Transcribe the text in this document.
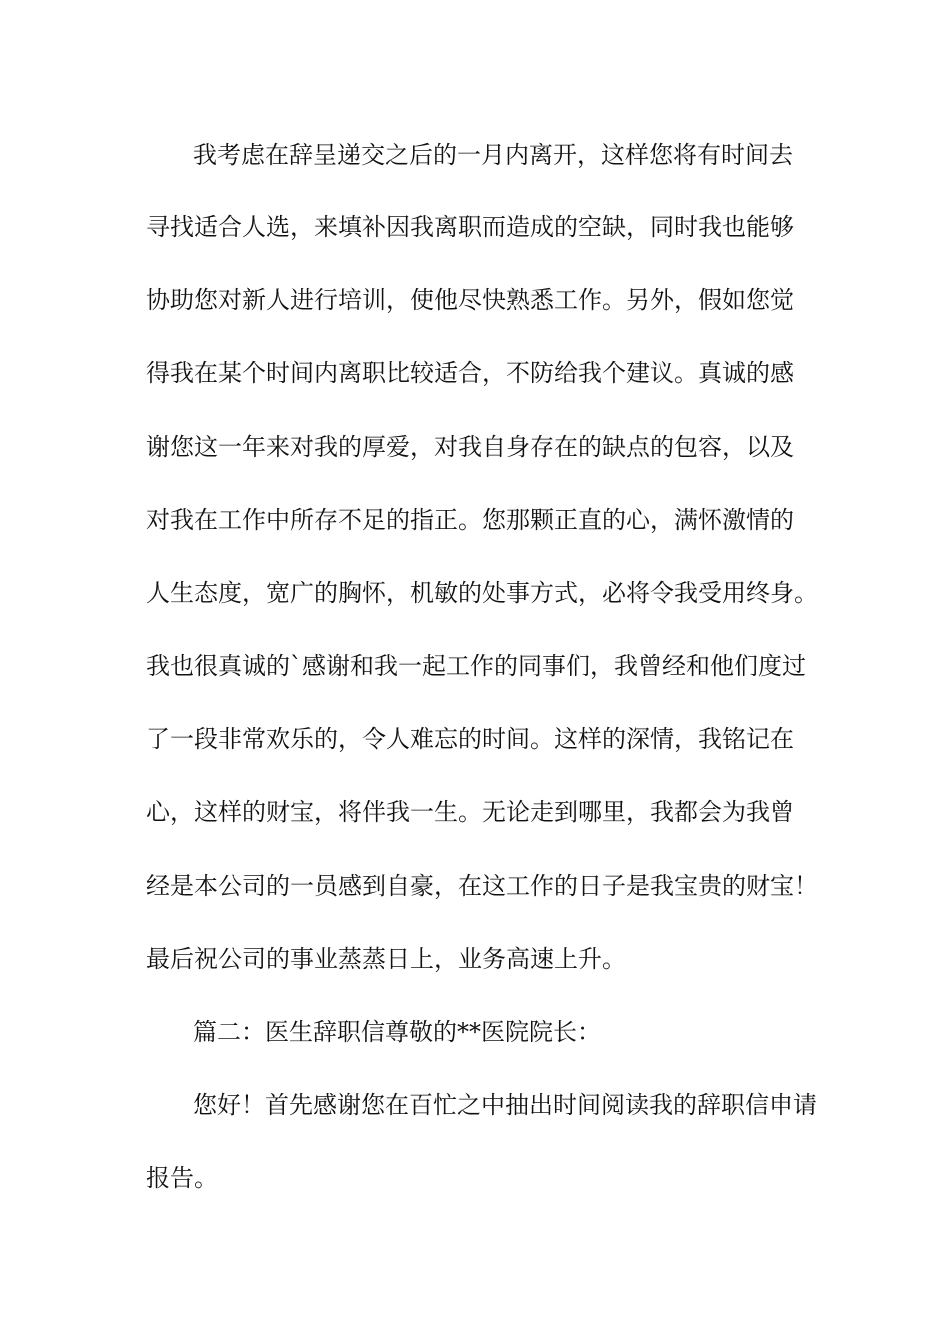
我考虑在辞呈递交之后的一月内离开，这样您将有时间去
寻找适合人选，来填补因我离职而造成的空缺，同时我也能够
协助您对新人进行培训，使他尽快熟悉工作。另外，假如您觉
得我在某个时间内离职比较适合，不防给我个建议。真诚的感
谢您这一年来对我的厚爱，对我自身存在的缺点的包容，以及
对我在工作中所存不足的指正。您那颗正直的心，满怀激情的
人生态度，宽广的胸怀，机敏的处事方式，必将令我受用终身。
我也很真诚的`感谢和我一起工作的同事们，我曾经和他们度过
了一段非常欢乐的，令人难忘的时间。这样的深情，我铭记在
心，这样的财宝，将伴我一生。无论走到哪里，我都会为我曾
经是本公司的一员感到自豪，在这工作的日子是我宝贵的财宝！
最后祝公司的事业蒸蒸日上，业务高速上升。
篇二：医生辞职信尊敬的**医院院长：
您好！首先感谢您在百忙之中抽出时间阅读我的辞职信申请
报告。
